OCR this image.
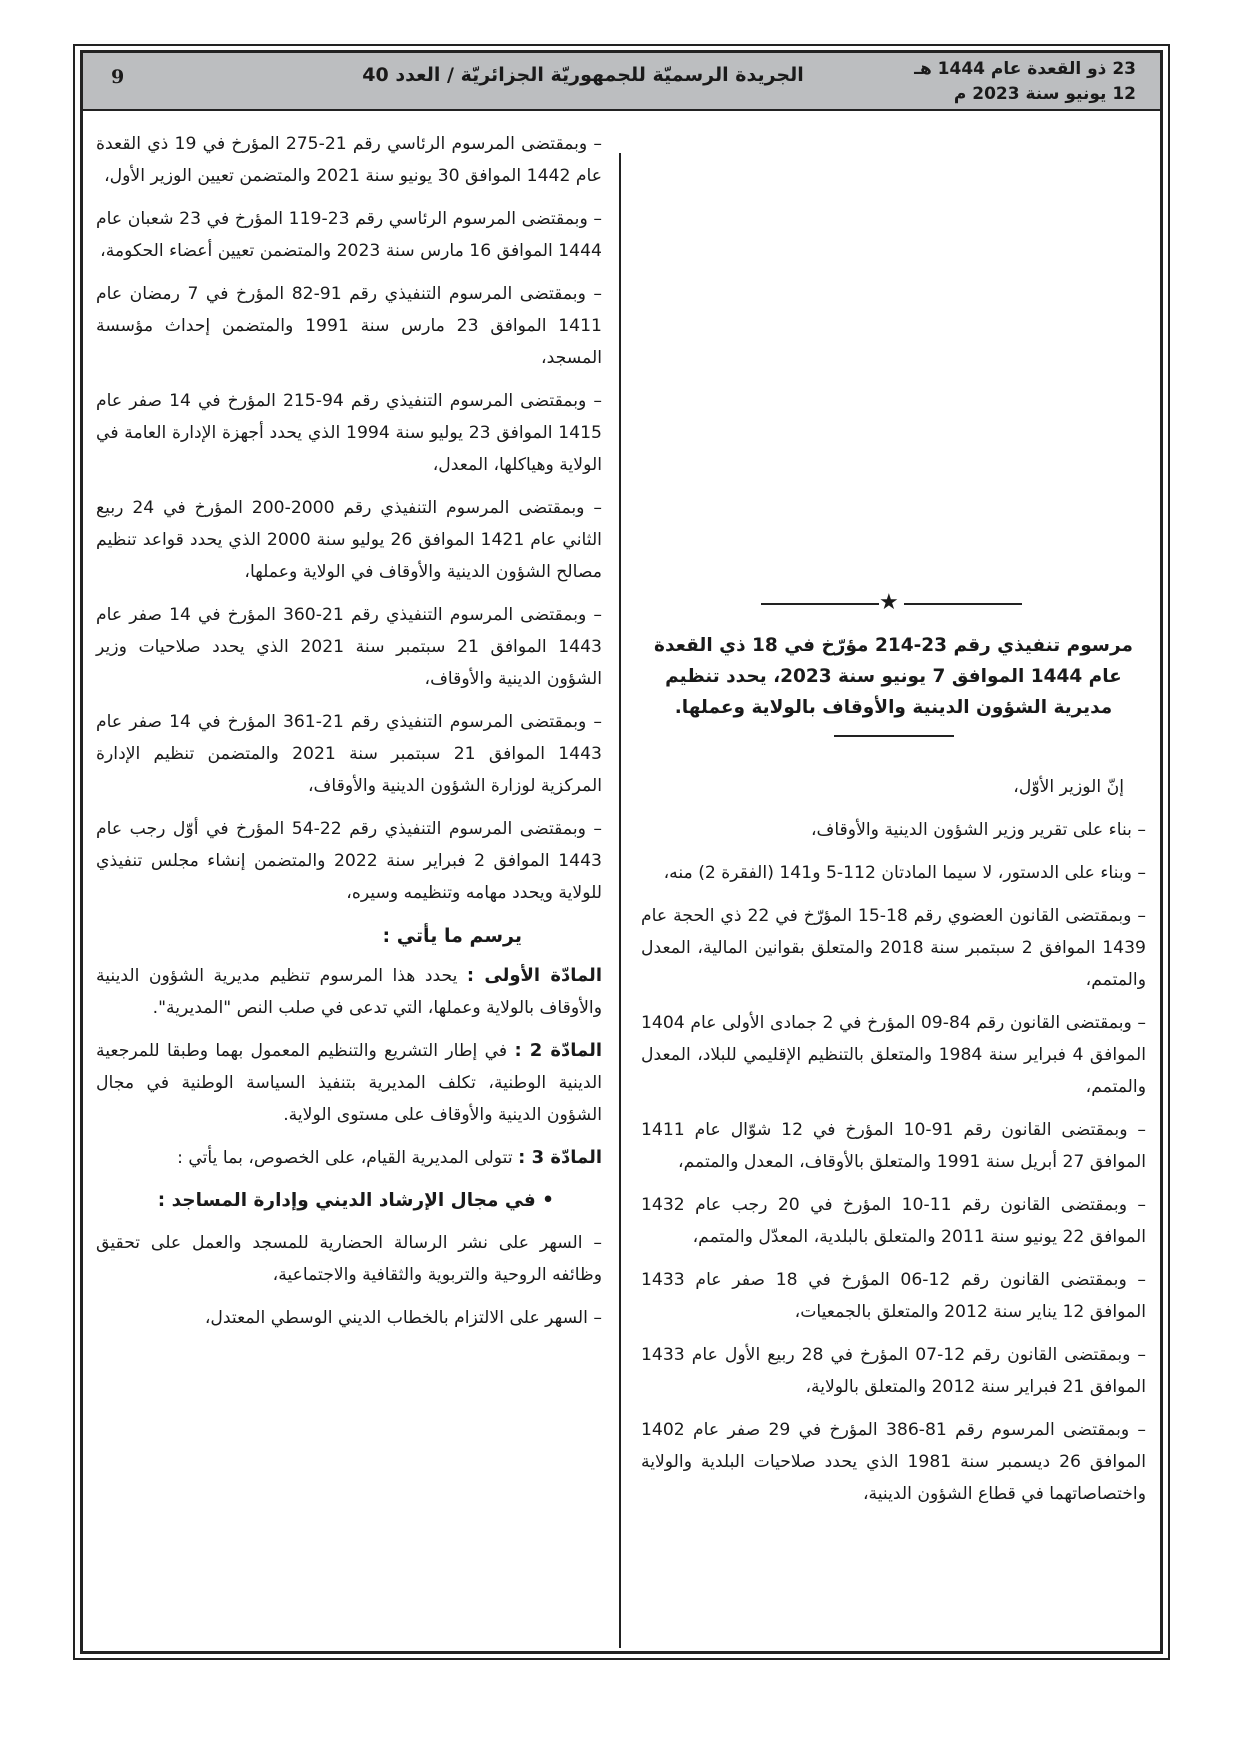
9	الجريدة الرسميّة للجمهوريّة الجزائريّة / العدد 40	23 ذو القعدة عام 1444 هـ
12 يونيو سنة 2023 م

– وبمقتضى المرسوم الرئاسي رقم 21-275 المؤرخ في 19 ذي القعدة عام 1442 الموافق 30 يونيو سنة 2021 والمتضمن تعيين الوزير الأول،

– وبمقتضى المرسوم الرئاسي رقم 23-119 المؤرخ في 23 شعبان عام 1444 الموافق 16 مارس سنة 2023 والمتضمن تعيين أعضاء الحكومة،

– وبمقتضى المرسوم التنفيذي رقم 91-82 المؤرخ في 7 رمضان عام 1411 الموافق 23 مارس سنة 1991 والمتضمن إحداث مؤسسة المسجد،

– وبمقتضى المرسوم التنفيذي رقم 94-215 المؤرخ في 14 صفر عام 1415 الموافق 23 يوليو سنة 1994 الذي يحدد أجهزة الإدارة العامة في الولاية وهياكلها، المعدل،

– وبمقتضى المرسوم التنفيذي رقم 2000-200 المؤرخ في 24 ربيع الثاني عام 1421 الموافق 26 يوليو سنة 2000 الذي يحدد قواعد تنظيم مصالح الشؤون الدينية والأوقاف في الولاية وعملها،

– وبمقتضى المرسوم التنفيذي رقم 21-360 المؤرخ في 14 صفر عام 1443 الموافق 21 سبتمبر سنة 2021 الذي يحدد صلاحيات وزير الشؤون الدينية والأوقاف،

– وبمقتضى المرسوم التنفيذي رقم 21-361 المؤرخ في 14 صفر عام 1443 الموافق 21 سبتمبر سنة 2021 والمتضمن تنظيم الإدارة المركزية لوزارة الشؤون الدينية والأوقاف،

– وبمقتضى المرسوم التنفيذي رقم 22-54 المؤرخ في أوّل رجب عام 1443 الموافق 2 فبراير سنة 2022 والمتضمن إنشاء مجلس تنفيذي للولاية ويحدد مهامه وتنظيمه وسيره،

يرسم ما يأتي :

المادّة الأولى : يحدد هذا المرسوم تنظيم مديرية الشؤون الدينية والأوقاف بالولاية وعملها، التي تدعى في صلب النص "المديرية".

المادّة 2 : في إطار التشريع والتنظيم المعمول بهما وطبقا للمرجعية الدينية الوطنية، تكلف المديرية بتنفيذ السياسة الوطنية في مجال الشؤون الدينية والأوقاف على مستوى الولاية.

المادّة 3 : تتولى المديرية القيام، على الخصوص، بما يأتي :

• في مجال الإرشاد الديني وإدارة المساجد :

– السهر على نشر الرسالة الحضارية للمسجد والعمل على تحقيق وظائفه الروحية والتربوية والثقافية والاجتماعية،

– السهر على الالتزام بالخطاب الديني الوسطي المعتدل،

★
مرسوم تنفيذي رقم 23-214 مؤرّخ في 18 ذي القعدة عام 1444 الموافق 7 يونيو سنة 2023، يحدد تنظيم مديرية الشؤون الدينية والأوقاف بالولاية وعملها.

إنّ الوزير الأوّل،

– بناء على تقرير وزير الشؤون الدينية والأوقاف،

– وبناء على الدستور، لا سيما المادتان 112-5 و141 (الفقرة 2) منه،

– وبمقتضى القانون العضوي رقم 18-15 المؤرّخ في 22 ذي الحجة عام 1439 الموافق 2 سبتمبر سنة 2018 والمتعلق بقوانين المالية، المعدل والمتمم،

– وبمقتضى القانون رقم 84-09 المؤرخ في 2 جمادى الأولى عام 1404 الموافق 4 فبراير سنة 1984 والمتعلق بالتنظيم الإقليمي للبلاد، المعدل والمتمم،

– وبمقتضى القانون رقم 91-10 المؤرخ في 12 شوّال عام 1411 الموافق 27 أبريل سنة 1991 والمتعلق بالأوقاف، المعدل والمتمم،

– وبمقتضى القانون رقم 11-10 المؤرخ في 20 رجب عام 1432 الموافق 22 يونيو سنة 2011 والمتعلق بالبلدية، المعدّل والمتمم،

– وبمقتضى القانون رقم 12-06 المؤرخ في 18 صفر عام 1433 الموافق 12 يناير سنة 2012 والمتعلق بالجمعيات،

– وبمقتضى القانون رقم 12-07 المؤرخ في 28 ربيع الأول عام 1433 الموافق 21 فبراير سنة 2012 والمتعلق بالولاية،

– وبمقتضى المرسوم رقم 81-386 المؤرخ في 29 صفر عام 1402 الموافق 26 ديسمبر سنة 1981 الذي يحدد صلاحيات البلدية والولاية واختصاصاتهما في قطاع الشؤون الدينية،
